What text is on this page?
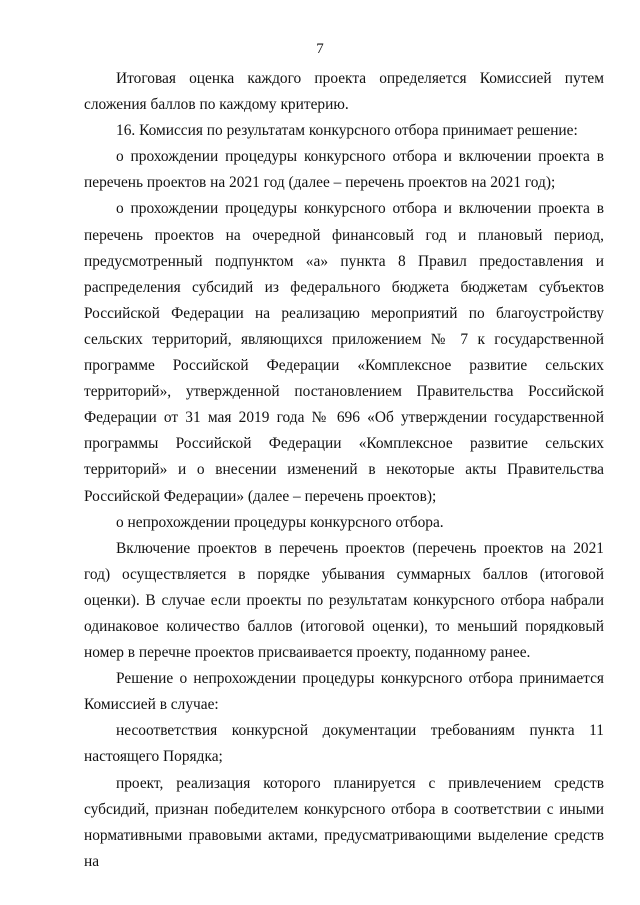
7

Итоговая оценка каждого проекта определяется Комиссией путем сложения баллов по каждому критерию.

16. Комиссия по результатам конкурсного отбора принимает решение:

о прохождении процедуры конкурсного отбора и включении проекта в перечень проектов на 2021 год (далее – перечень проектов на 2021 год);

о прохождении процедуры конкурсного отбора и включении проекта в перечень проектов на очередной финансовый год и плановый период, предусмотренный подпунктом «а» пункта 8 Правил предоставления и распределения субсидий из федерального бюджета бюджетам субъектов Российской Федерации на реализацию мероприятий по благоустройству сельских территорий, являющихся приложением № 7 к государственной программе Российской Федерации «Комплексное развитие сельских территорий», утвержденной постановлением Правительства Российской Федерации от 31 мая 2019 года № 696 «Об утверждении государственной программы Российской Федерации «Комплексное развитие сельских территорий» и о внесении изменений в некоторые акты Правительства Российской Федерации» (далее – перечень проектов);

о непрохождении процедуры конкурсного отбора.

Включение проектов в перечень проектов (перечень проектов на 2021 год) осуществляется в порядке убывания суммарных баллов (итоговой оценки). В случае если проекты по результатам конкурсного отбора набрали одинаковое количество баллов (итоговой оценки), то меньший порядковый номер в перечне проектов присваивается проекту, поданному ранее.

Решение о непрохождении процедуры конкурсного отбора принимается Комиссией в случае:

несоответствия конкурсной документации требованиям пункта 11 настоящего Порядка;

проект, реализация которого планируется с привлечением средств субсидий, признан победителем конкурсного отбора в соответствии с иными нормативными правовыми актами, предусматривающими выделение средств на
